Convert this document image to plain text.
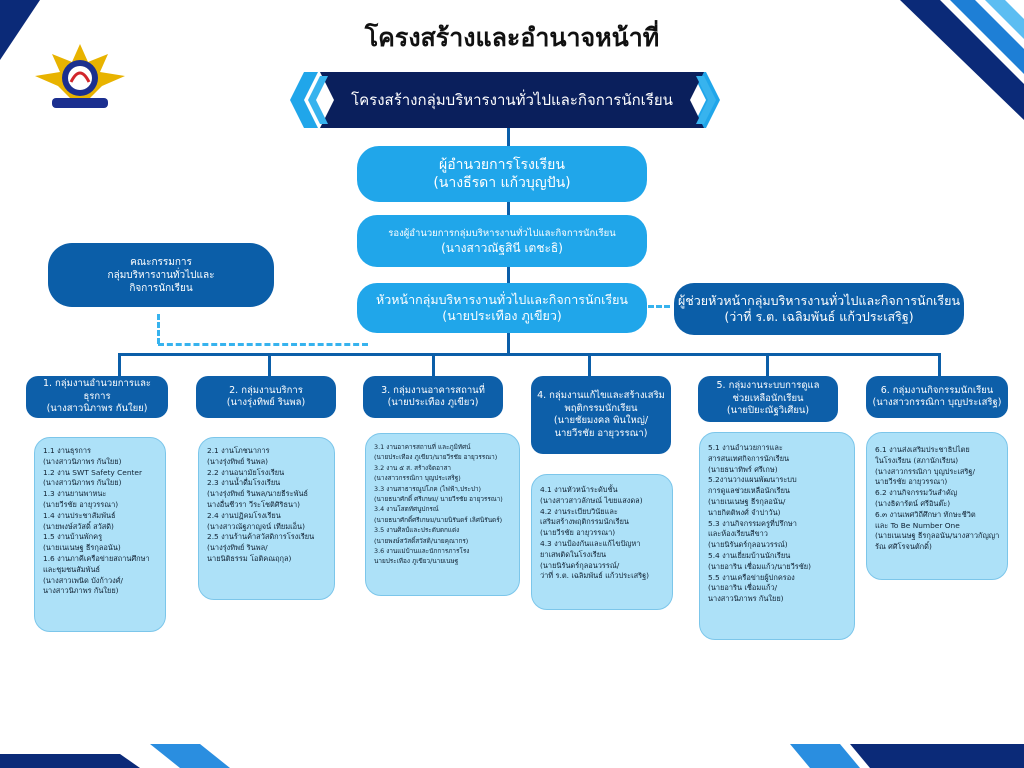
โครงสร้างและอำนาจหน้าที่
โครงสร้างกลุ่มบริหารงานทั่วไปและกิจการนักเรียน
ผู้อำนวยการโรงเรียน
(นางธีรดา แก้วบุญปัน)
รองผู้อำนวยการกลุ่มบริหารงานทั่วไปและกิจการนักเรียน
(นางสาวณัฐสินี เตชะธิ)
คณะกรรมการ
กลุ่มบริหารงานทั่วไปและ
กิจการนักเรียน
หัวหน้ากลุ่มบริหารงานทั่วไปและกิจการนักเรียน
(นายประเทือง ภูเขียว)
ผู้ช่วยหัวหน้ากลุ่มบริหารงานทั่วไปและกิจการนักเรียน
(ว่าที่ ร.ต. เฉลิมพันธ์ แก้วประเสริฐ)
1. กลุ่มงานอำนวยการและธุรการ
(นางสาวนิภาพร กันใยย)
2. กลุ่มงานบริการ
(นางรุ่งทิพย์ รินพล)
3. กลุ่มงานอาคารสถานที่
(นายประเทือง ภูเขียว)
4. กลุ่มงานแก้ไขและสร้างเสริม
พฤติกรรมนักเรียน
(นายชัยมงคล พินใหญ่/
นายวีรชัย อายุวรรณา)
5. กลุ่มงานระบบการดูแล
ช่วยเหลือนักเรียน
(นายปิยะณัฐวิเศียน)
6. กลุ่มงานกิจกรรมนักเรียน
(นางสาวกรรณิกา บุญประเสริฐ)
1.1 งานธุรการ
(นางสาวนิภาพร กันใยย)
1.2 งาน SWT Safety Center
(นางสาวนิภาพร กันใยย)
1.3 งานยานพาหนะ
(นายวีรชัย อายุวรรณา)
1.4 งานประชาสัมพันธ์
(นายพงษ์สวัสดิ์ สวัสดิ)
1.5 งานบ้านพักครู
(นายเนเนษฐ ธีรกุลอนัน)
1.6 งานภาคีเครือข่ายสถานศึกษา
และชุมชนสัมพันธ์
(นางสาวเพนิด บังก้าวงศ์/
นางสาวนิภาพร กันใยย)
2.1 งานโภชนาการ
(นางรุ่งทิพย์ รินพล)
2.2 งานอนามัยโรงเรียน
2.3 งานน้ำดื่มโรงเรียน
(นางรุ่งทิพย์ รินพล/นายธีระพันธ์
นางอื่นชีวรา วีระโชติศิริธนา)
2.4 งานปฏิคมโรงเรียน
(นางสาวณัฐภาญจน์ เทียมเอ็น)
2.5 งานร้านค้าสวัสดิการโรงเรียน
(นางรุ่งทิพย์ รินพล/
นายนิติธรรม โอติคณฤกุล)
3.1 งานอาคารสถานที่ และภูมิทัศน์
(นายประเทือง ภูเขียว/นายวีรชัย อายุวรรณา)
3.2 งาน ๕ ส. สร้างจิตอาสา
(นางสาวกรรณิกา บุญประเสริฐ)
3.3 งานสาธารณูปโภค (ไฟฟ้า,ประปา)
(นายธนาศักดิ์ ศรีเกษม/ นายวีรชัย อายุวรรณา)
3.4 งานโสตทัศนูปกรณ์
(นายธนาศักดิ์ศรีเกษม/นายนิรันดร์ เลิศนิรันดร์)
3.5 งานศิลป์และประดับตกแต่ง
(นายพงษ์สวัสดิ์สวัสดิ/นายคุณากร)
3.6 งานแม่บ้านและนักการภารโรง
นายประเทือง ภูเขียว/นายเนษฐ
4.1 งานหัวหน้าระดับชั้น
(นางสาวสาวลักษณ์ ไขยแสงดล)
4.2 งานระเบียบวินัยและ
เสริมสร้างพฤติกรรมนักเรียน
(นายวีรชัย อายุวรรณา)
4.3 งานป้องกันและแก้ไขปัญหา
ยาเสพติดในโรงเรียน
(นายนิรันดร์กุลอนวรรณ์/
ว่าที่ ร.ต. เฉลิมพันธ์ แก้วประเสริฐ)
5.1 งานอำนวยการและ
สารสนเทศกิจการนักเรียน
(นายธนาทิพร์ ศรีเกษ)
5.2งานวางแผนพัฒนาระบบ
การดูแลช่วยเหลือนักเรียน
(นายเนเนษฐ ธีรกุลอนัน/
นายกิตติพงศ์ จำปาวัน)
5.3 งานกิจกรรมครูที่ปรึกษา
และห้องเรียนสีขาว
(นายนิรันดร์กุลอนวรรณ์)
5.4 งานเยี่ยมบ้านนักเรียน
(นายอาริน เชื่อมแก้ว/นายวีรชัย)
5.5 งานเครือข่ายผู้ปกครอง
(นายอาริน เชื่อมแก้ว/
นางสาวนิภาพร กันใยย)
6.1 งานส่งเสริมประชาธิปไตย
ในโรงเรียน (สภานักเรียน)
(นางสาวกรรณิกา บุญประเสริฐ/
นายวีรชัย อายุวรรณา)
6.2 งานกิจกรรมวันสำคัญ
(นางธิดารัตน์ ศรีอินต๊ะ)
6.๓ งานเพศวิถีศึกษา ทักษะชีวิต
และ To Be Number One
(นายเนเนษฐ ธีรกุลอนัน/นางสาวกัญญา
รัณ ศศิโรจนตักดิ์)
